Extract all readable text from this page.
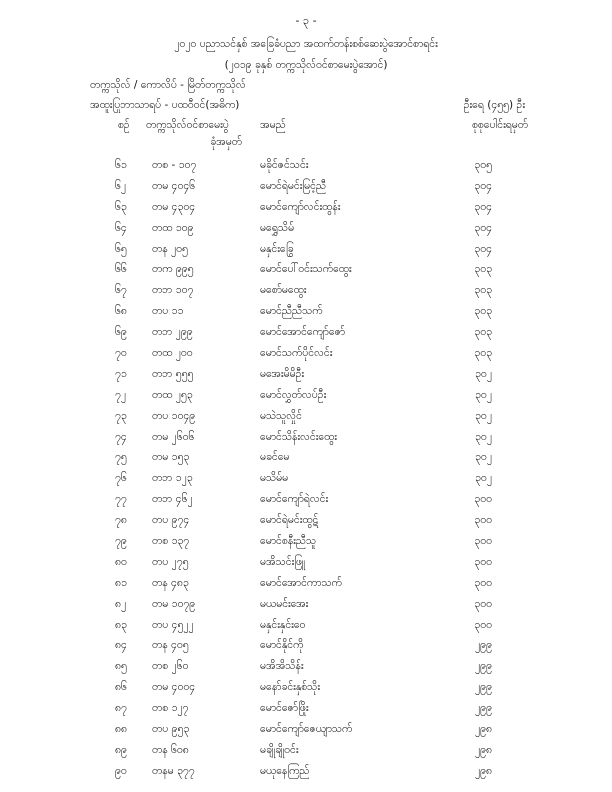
- ၃ -
၂၀၂၀ ပညာသင်နှစ် အခြေခံပညာ အထက်တန်းစစ်ဆေးပွဲအောင်စာရင်း
(၂၀၁၉ ခုနှစ် တက္ကသိုလ်ဝင်စာမေးပွဲအောင်)
တက္ကသိုလ် / ကောလိပ် - မြိတ်တက္ကသိုလ်
အထူးပြုဘာသာရပ် - ပထဝီဝင်(အဓိက)	ဦးရေ (၄၅၅) ဦး
စဉ် တက္ကသိုလ်ဝင်စာမေးပွဲ
ခုံအမှတ်
အမည်	စုစုပေါင်းရမှတ်
၆၁	တစ - ၁၀၇	မခိုင်ဇင်သင်း	၃၀၅
၆၂	တမ ၄၀၄၆	မောင်ရဲမင်းမြင့်ညီ	၃၀၄
၆၃	တမ ၄၃၀၄	မောင်ကျော်လင်းထွန်း	၃၀၄
၆၄	တထ ၁၀၉	မရွှေသိမ်	၃၀၄
၆၅	တန ၂၀၅	မနှင်းခြွေ	၃၀၄
၆၆	တက ၉၉၅	မောင်ပေါ်ဝင်းသက်ထွေး	၃၀၃
၆၇	တဘ ၁၀၇	မစော်မထွေး	၃၀၃
၆၈	တပ ၁၁	မောင်ညီညီသက်	၃၀၃
၆၉	တဘ ၂၉၉	မောင်အောင်ကျော်ဇော်	၃၀၃
၇၀	တထ ၂၀၀	မောင်သက်ပိုင်လင်း	၃၀၃
၇၁	တဘ ၅၅၅	မအေးမိမိဦး	၃၀၂
၇၂	တထ ၂၅၃	မောင်လွှတ်လပ်ဦး	၃၀၂
၇၃	တပ ၁၀၄၉	မသဲသူလှိုင်	၃၀၂
၇၄	တမ ၂၆၀၆	မောင်သိန်းလင်းထွေး	၃၀၂
၇၅	တမ ၁၅၃	မခင်မေ	၃၀၂
၇၆	တဘ ၁၂၃	မသိမ်မ	၃၀၂
၇၇	တဘ ၄၆၂	မောင်ကျော်ရဲလင်း	၃၀၀
၇၈	တပ ၉၇၄	မောင်ရဲမင်းထွဋ်	၃၀၀
၇၉	တစ ၁၃၇	မောင်စနီးညီသူ	၃၀၀
၈၀	တပ ၂၇၅	မအိသင်းဖြူ	၃၀၀
၈၁	တန ၄၈၃	မောင်အောင်ကာသက်	၃၀၀
၈၂	တမ ၁၀၇၉	မယမင်းအေး	၃၀၀
၈၃	တပ ၄၅၂၂	မနှင်းနှင်းဝေ	၃၀၀
၈၄	တန ၄၀၅	မောင်နိုင်ကို	၂၉၉
၈၅	တစ ၂၆၀	မအိအိသိန်း	၂၉၉
၈၆	တမ ၄၀၀၄	မနော်ခင်းနှစ်သိုး	၂၉၉
၈၇	တစ ၁၂၇	မောင်ဇော်ဖြိုး	၂၉၉
၈၈	တပ ၉၅၃	မောင်ကျော်ဇေယျာသက်	၂၉၈
၈၉	တန ၆၀၈	မချိုချိုဝင်း	၂၉၈
၉၀	တနမ ၃၇၇	မယုနေကြည်	၂၉၈
